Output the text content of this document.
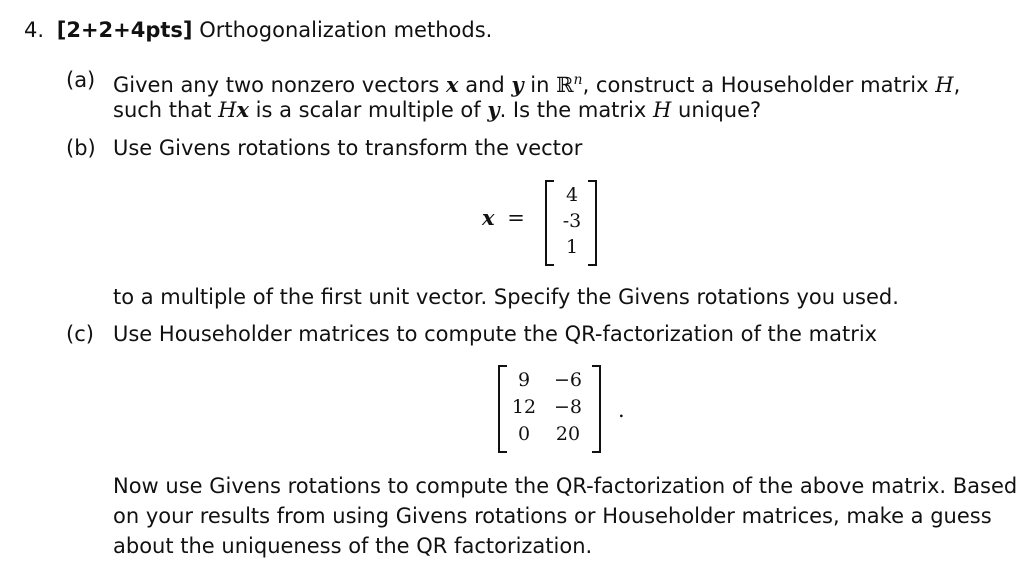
4. [2+2+4pts] Orthogonalization methods.
(a) Given any two nonzero vectors x and y in ℝ$^n$, construct a Householder matrix H,
such that Hx is a scalar multiple of y. Is the matrix H unique?
(b) Use Givens rotations to transform the vector
x =
4
-3
1
to a multiple of the first unit vector. Specify the Givens rotations you used.
(c) Use Householder matrices to compute the QR-factorization of the matrix
9	−6
12 −8
0	20
.
Now use Givens rotations to compute the QR-factorization of the above matrix. Based
on your results from using Givens rotations or Householder matrices, make a guess
about the uniqueness of the QR factorization.
